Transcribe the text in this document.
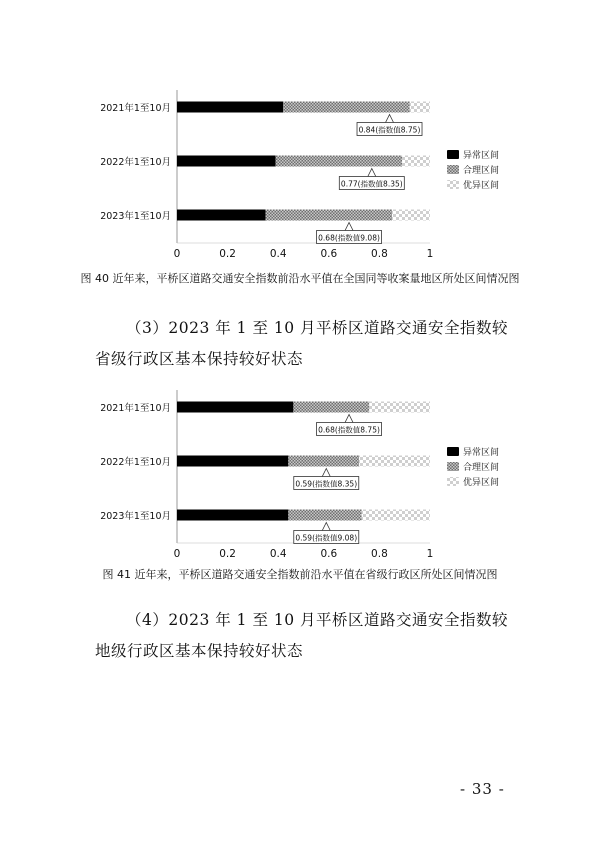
2021年1至10月
0.84(指数值8.75)
2022年1至10月
0.77(指数值8.35)
2023年1至10月
0.68(指数值9.08)
0	0.2	0.4	0.6	0.8	1
异常区间
合理区间
优异区间
图 40 近年来，平桥区道路交通安全指数前沿水平值在全国同等收案量地区所处区间情况图
（3）2023 年 1 至 10 月平桥区道路交通安全指数较省级行政区基本保持较好状态
2021年1至10月
0.68(指数值8.75)
2022年1至10月
0.59(指数值8.35)
2023年1至10月
0.59(指数值9.08)
0	0.2	0.4	0.6	0.8	1
异常区间
合理区间
优异区间
图 41 近年来，平桥区道路交通安全指数前沿水平值在省级行政区所处区间情况图
（4）2023 年 1 至 10 月平桥区道路交通安全指数较地级行政区基本保持较好状态
- 33 -
